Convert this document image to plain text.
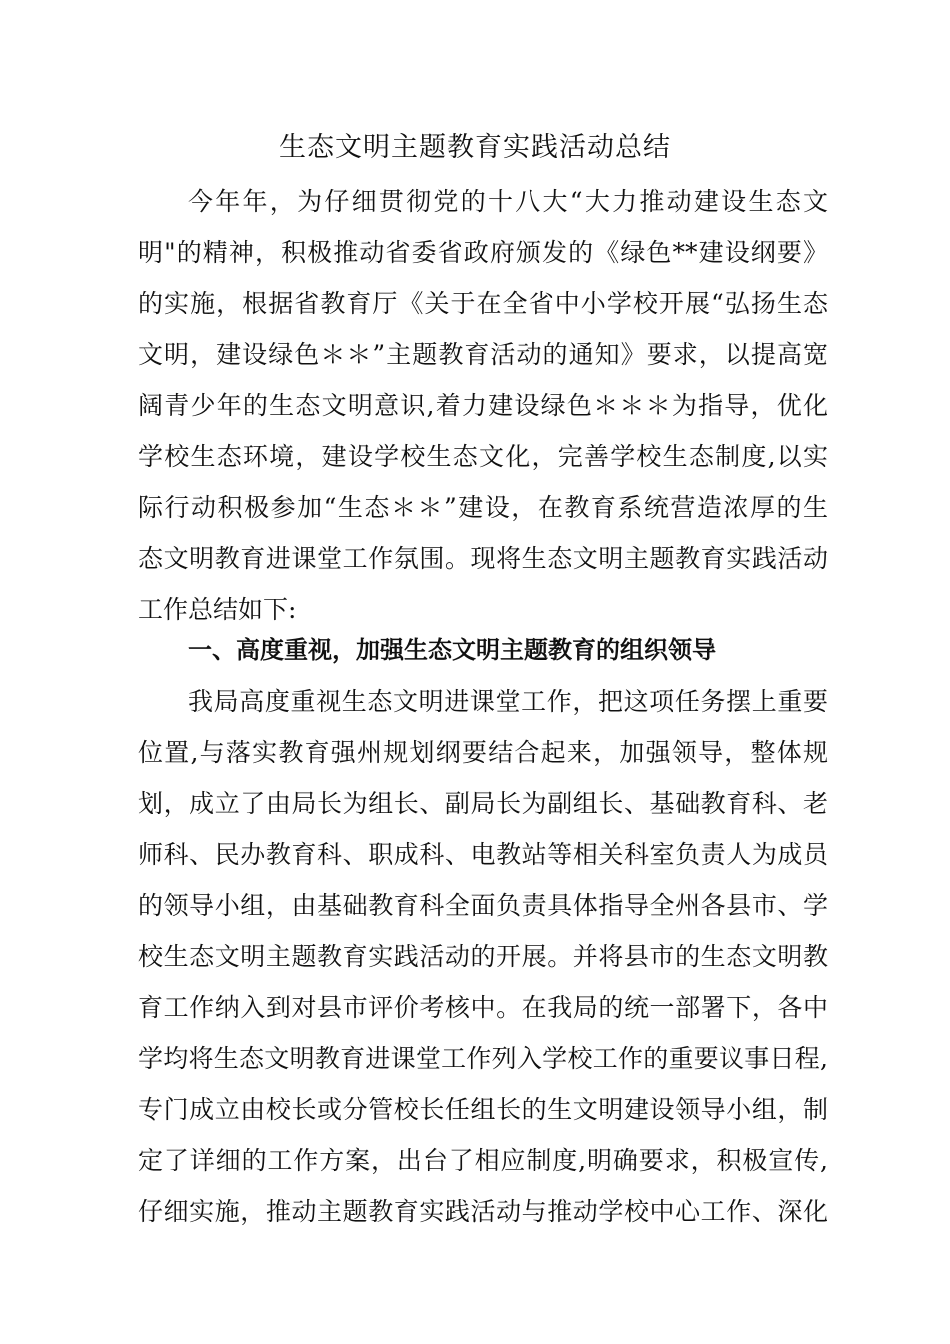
生态文明主题教育实践活动总结
今年年，为仔细贯彻党的十八大“大力推动建设生态文
明"的精神，积极推动省委省政府颁发的《绿色**建设纲要》
的实施，根据省教育厅《关于在全省中小学校开展“弘扬生态
文明，建设绿色＊＊”主题教育活动的通知》要求，以提高宽
阔青少年的生态文明意识,着力建设绿色＊＊＊为指导，优化
学校生态环境，建设学校生态文化，完善学校生态制度,以实
际行动积极参加“生态＊＊”建设，在教育系统营造浓厚的生
态文明教育进课堂工作氛围。现将生态文明主题教育实践活动
工作总结如下:
一、高度重视，加强生态文明主题教育的组织领导
我局高度重视生态文明进课堂工作，把这项任务摆上重要
位置,与落实教育强州规划纲要结合起来，加强领导，整体规
划，成立了由局长为组长、副局长为副组长、基础教育科、老
师科、民办教育科、职成科、电教站等相关科室负责人为成员
的领导小组，由基础教育科全面负责具体指导全州各县市、学
校生态文明主题教育实践活动的开展。并将县市的生态文明教
育工作纳入到对县市评价考核中。在我局的统一部署下，各中
学均将生态文明教育进课堂工作列入学校工作的重要议事日程,
专门成立由校长或分管校长任组长的生文明建设领导小组，制
定了详细的工作方案，出台了相应制度,明确要求，积极宣传,
仔细实施，推动主题教育实践活动与推动学校中心工作、深化
